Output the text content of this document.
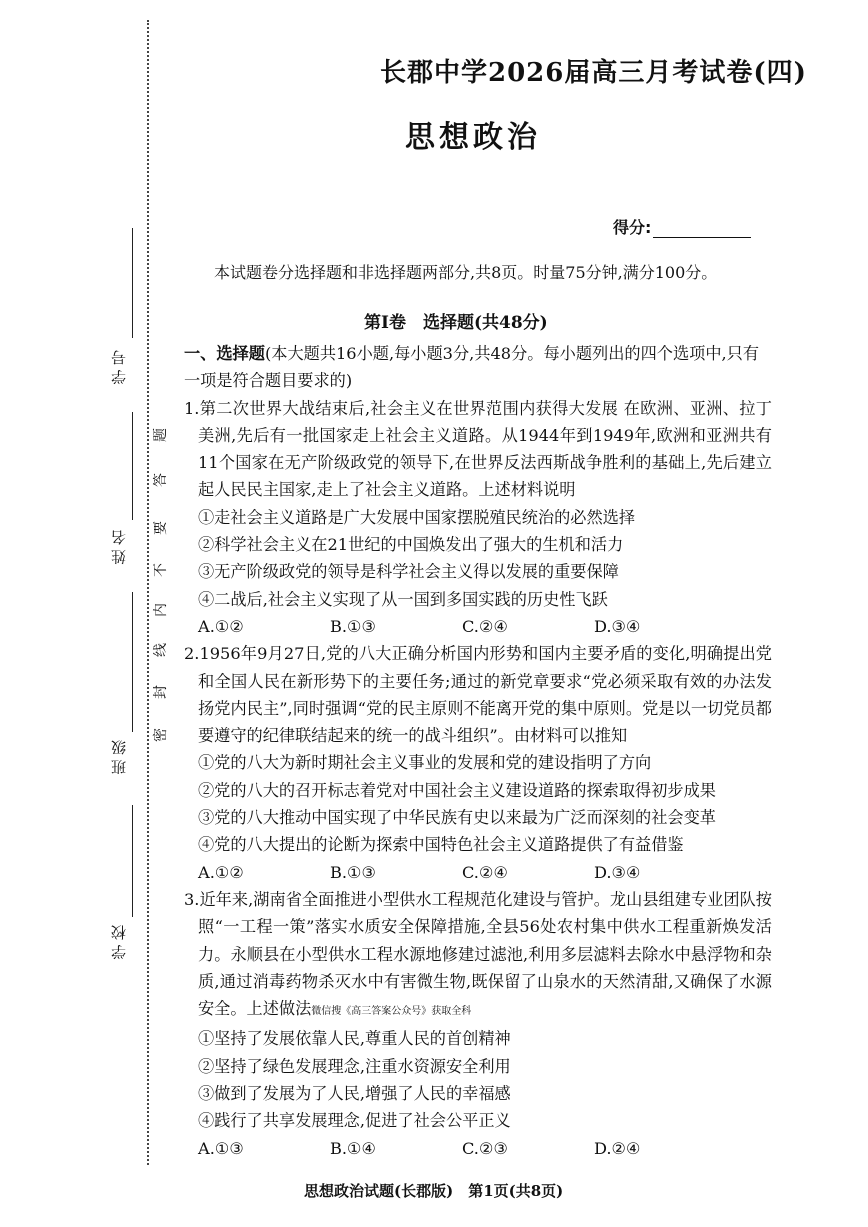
学 号
姓 名
班 级
学 校
密
封
线
内
不
要
答
题
长郡中学2026届高三月考试卷(四)
思想政治
得分:
本试题卷分选择题和非选择题两部分,共8页。时量75分钟,满分100分。
第Ⅰ卷　选择题(共48分)

一、选择题(本大题共16小题,每小题3分,共48分。每小题列出的四个选项中,只有一项是符合题目要求的)

1.第二次世界大战结束后,社会主义在世界范围内获得大发展 在欧洲、亚洲、拉丁美洲,先后有一批国家走上社会主义道路。从1944年到1949年,欧洲和亚洲共有11个国家在无产阶级政党的领导下,在世界反法西斯战争胜利的基础上,先后建立起人民民主国家,走上了社会主义道路。上述材料说明

①走社会主义道路是广大发展中国家摆脱殖民统治的必然选择

②科学社会主义在21世纪的中国焕发出了强大的生机和活力

③无产阶级政党的领导是科学社会主义得以发展的重要保障

④二战后,社会主义实现了从一国到多国实践的历史性飞跃

A.①②	B.①③	C.②④	D.③④

2.1956年9月27日,党的八大正确分析国内形势和国内主要矛盾的变化,明确提出党和全国人民在新形势下的主要任务;通过的新党章要求“党必须采取有效的办法发扬党内民主”,同时强调“党的民主原则不能离开党的集中原则。党是以一切党员都要遵守的纪律联结起来的统一的战斗组织”。由材料可以推知

①党的八大为新时期社会主义事业的发展和党的建设指明了方向

②党的八大的召开标志着党对中国社会主义建设道路的探索取得初步成果

③党的八大推动中国实现了中华民族有史以来最为广泛而深刻的社会变革

④党的八大提出的论断为探索中国特色社会主义道路提供了有益借鉴

A.①②	B.①③	C.②④	D.③④

3.近年来,湖南省全面推进小型供水工程规范化建设与管护。龙山县组建专业团队按照“一工程一策”落实水质安全保障措施,全县56处农村集中供水工程重新焕发活力。永顺县在小型供水工程水源地修建过滤池,利用多层滤料去除水中悬浮物和杂质,通过消毒药物杀灭水中有害微生物,既保留了山泉水的天然清甜,又确保了水源安全。上述做法微信搜《高三答案公众号》获取全科

①坚持了发展依靠人民,尊重人民的首创精神

②坚持了绿色发展理念,注重水资源安全利用

③做到了发展为了人民,增强了人民的幸福感

④践行了共享发展理念,促进了社会公平正义

A.①③	B.①④	C.②③	D.②④
思想政治试题(长郡版)　第1页(共8页)
